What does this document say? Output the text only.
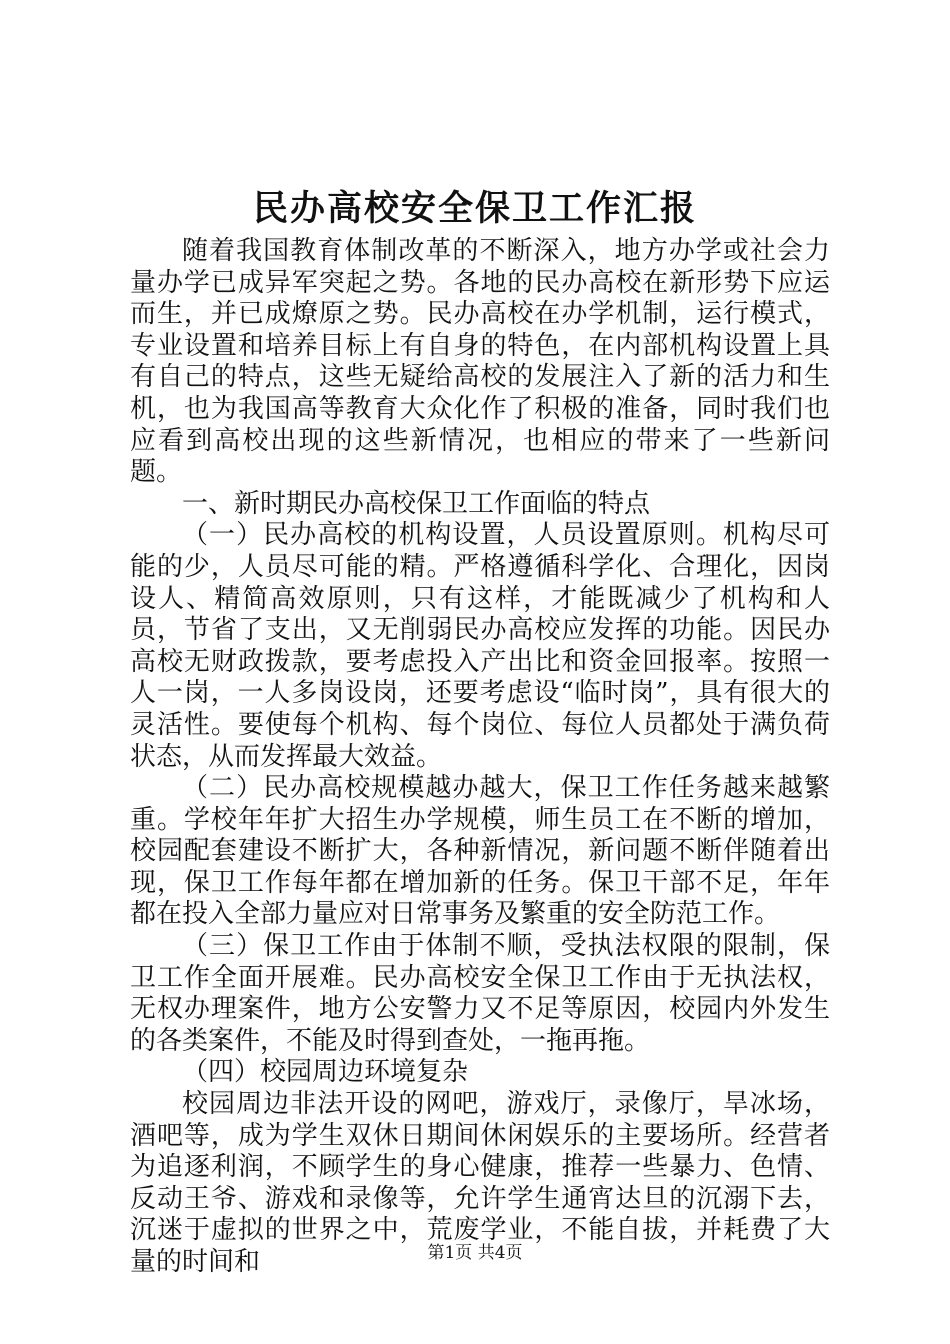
民办高校安全保卫工作汇报

随着我国教育体制改革的不断深入，地方办学或社会力量办学已成异军突起之势。各地的民办高校在新形势下应运而生，并已成燎原之势。民办高校在办学机制，运行模式，专业设置和培养目标上有自身的特色，在内部机构设置上具有自己的特点，这些无疑给高校的发展注入了新的活力和生机，也为我国高等教育大众化作了积极的准备，同时我们也应看到高校出现的这些新情况，也相应的带来了一些新问题。

一、新时期民办高校保卫工作面临的特点

（一）民办高校的机构设置，人员设置原则。机构尽可能的少，人员尽可能的精。严格遵循科学化、合理化，因岗设人、精简高效原则，只有这样，才能既减少了机构和人员，节省了支出，又无削弱民办高校应发挥的功能。因民办高校无财政拨款，要考虑投入产出比和资金回报率。按照一人一岗，一人多岗设岗，还要考虑设“临时岗”，具有很大的灵活性。要使每个机构、每个岗位、每位人员都处于满负荷状态，从而发挥最大效益。

（二）民办高校规模越办越大，保卫工作任务越来越繁重。学校年年扩大招生办学规模，师生员工在不断的增加，校园配套建设不断扩大，各种新情况，新问题不断伴随着出现，保卫工作每年都在增加新的任务。保卫干部不足，年年都在投入全部力量应对日常事务及繁重的安全防范工作。

（三）保卫工作由于体制不顺，受执法权限的限制，保卫工作全面开展难。民办高校安全保卫工作由于无执法权，无权办理案件，地方公安警力又不足等原因，校园内外发生的各类案件，不能及时得到查处，一拖再拖。

（四）校园周边环境复杂

校园周边非法开设的网吧，游戏厅，录像厅，旱冰场，酒吧等，成为学生双休日期间休闲娱乐的主要场所。经营者为追逐利润，不顾学生的身心健康，推荐一些暴力、色情、反动王爷、游戏和录像等，允许学生通宵达旦的沉溺下去，沉迷于虚拟的世界之中，荒废学业，不能自拔，并耗费了大量的时间和	第1页 共4页
